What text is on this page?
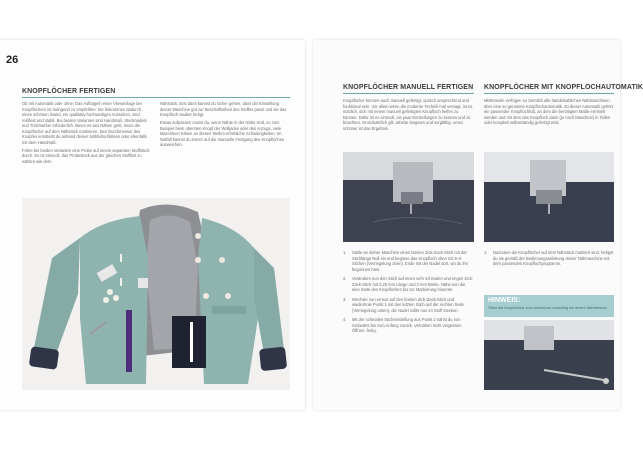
26
KNOPFLÖCHER FERTIGEN

Ob mit Automatik oder ohne: Das Aufbügeln einer Vlieseinlage bei Knopflöchern ist zwingend zu empfehlen. Sie bekommen dadurch einen schönen Stand, ein qualitativ hochwertiges Aussehen, sind reißfest und stabil. Bei beiden Varianten sind Handmaß, Stecknadeln und Trickmarker erforderlich. Bevor es ans Nähen geht, muss die Knopflöcher auf dem Nähstück markieren. Den Durchmesser des Knopfes ermittelst du anhand deines Nähfußschlittens oder ebenfalls mit dem Handmaß.

Führe bei beiden Varianten eine Probe auf einem separaten Stoffstück durch. Es ist sinnvoll, das Probestück aus der gleichen Stofflart zu wählen wie dem

Nähstück. Erst dann kannst du sicher gehen, dass die Einstellung deiner Maschine gut zur Beschaffenheit des Stoffes passt und sie das Knopfloch sauber fertigt.

Etwas aufpassen musst du, wenn Nähte in der Nähe sind, so zum Beispiel beim obersten Knopf der Wolljacke oder des Anzugs, viele Maschinen haben an diesen Stellen erhebliche Schwierigkeiten. Im Notfall kannst du immer auf die manuelle Fertigung des Knopfloches ausweichen.

KNOPFLÖCHER MANUELL FERTIGEN

Knopflöcher können auch manuell gefertigt, optisch ansprechend und funktional sein. Vor allem wenn die moderne Technik mal versagt, ist es nützlich, sich mit einem manuell gefertigten Knopfloch helfen zu können. Dafür ist es sinnvoll, ein paar Einstellungen zu kennen und zu beachten. Grundsätzlich gilt, arbeite langsam und sorgfältig, umso schöner ist das Ergebnis.

1. Stelle an deiner Maschine einen breiten Zick-Zack-Stich mit der Stichlänge Null ein und beginne das Knopfloch oben mit 5–6 Stichen (Verriegelung oben). Ende mit der Nadel dort, wo du ihn begonnen hast.
2. Verändere nun den Stich auf einen sehr schmalen und engen Zick-Zack-Stich mit 0,25 mm Länge und 2 mm Breite. Nähe nun die eine Seite des Knopfloches bis zur Markierung hinunter.
3. Wechsle nun erneut auf den breiten Zick-Zack-Stich und wiederhole Punkt 1 mit den letzten Stich auf der rechten Seite (Verriegelung unten), die Nadel sollte nun im Stoff stecken.
4. Mit der schmalen Sticheinstellung aus Punkt 2 nähst du nun rückwärts bis zum Anfang zurück. Vernähen nicht vergessen. Öffnen, fertig.
KNOPFLÖCHER MIT KNOPFLOCHAUTOMATIK

Mittlerweile verfügen so ziemlich alle handelsüblichen Nähmaschinen über eine so genannte Knopflochautomatik. Zu dieser Automatik gehört ein passender Knopflochfuß, an dem die benötigten Maße ermittelt werden und mit dem das Knopfloch dann (je nach Maschine) in Teilen oder komplett selbstständig gefertigt wird.

1. Nachdem die Knopflöcher auf dem Nähstück markiert sind, fertigst du sie gemäß der Bedienungsanleitung deiner Nähmaschine mit dem passenden Knopflochprogramm.
HINWEIS:
Öffne die Knopflöcher zum Abschluss vorsichtig mit einem Nahttrenner.
